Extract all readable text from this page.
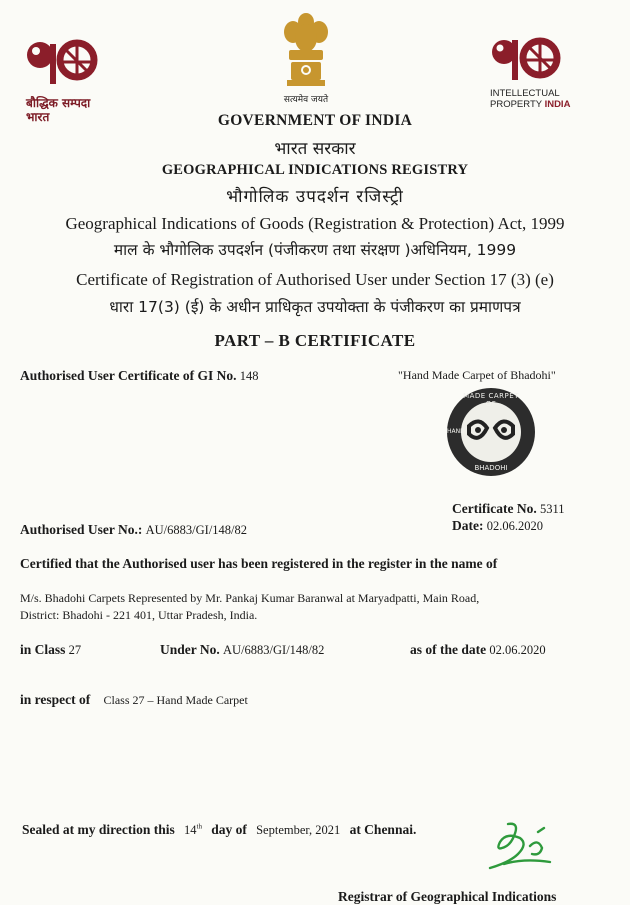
बौद्धिक सम्पदा
भारत
सत्यमेव जयते
INTELLECTUAL
PROPERTY INDIA
GOVERNMENT OF INDIA
भारत सरकार
GEOGRAPHICAL INDICATIONS REGISTRY
भौगोलिक उपदर्शन रजिस्ट्री
Geographical Indications of Goods (Registration & Protection) Act, 1999
माल के भौगोलिक उपदर्शन (पंजीकरण तथा संरक्षण )अधिनियम, 1999
Certificate of Registration of Authorised User under Section 17 (3) (e)
धारा 17(3) (ई) के अधीन प्राधिकृत उपयोक्ता के पंजीकरण का प्रमाणपत्र
PART – B CERTIFICATE
Authorised User Certificate of GI No. 148	"Hand Made Carpet of Bhadohi"
MADE CARPET OF
HAND
BHADOHI
Certificate No. 5311
Date: 02.06.2020
Authorised User No.: AU/6883/GI/148/82
Certified that the Authorised user has been registered in the register in the name of
M/s. Bhadohi Carpets Represented by Mr. Pankaj Kumar Baranwal at Maryadpatti, Main Road,
District: Bhadohi - 221 401, Uttar Pradesh, India.
in Class 27	Under No. AU/6883/GI/148/82	as of the date 02.06.2020
in respect of Class 27 – Hand Made Carpet
Sealed at my direction this 14th day of September, 2021 at Chennai.
Registrar of Geographical Indications
